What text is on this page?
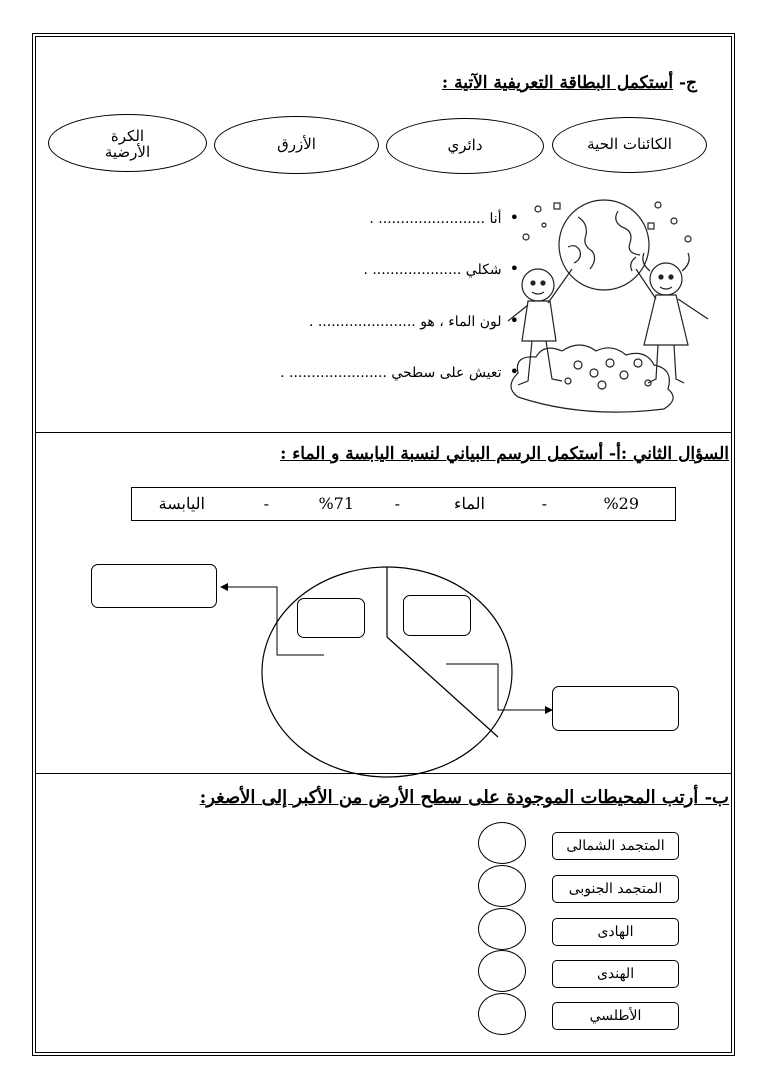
ج- أستكمل البطاقة التعريفية الآتية :
الكائنات الحية
دائري
الأزرق
الكرة الأرضية
• أنا ........................ .
• شكلي .................... .
• لون الماء ، هو ...................... .
• تعيش على سطحي ...................... .
السؤال الثاني :أ- أستكمل الرسم البياني لنسبة اليابسة و الماء :
%29
-
الماء
-
%71
-
اليابسة
ب- أرتب المحيطات الموجودة على سطح الأرض من الأكبر إلى الأصغر:
المتجمد الشمالى
المتجمد الجنوبى
الهادى
الهندى
الأطلسي
